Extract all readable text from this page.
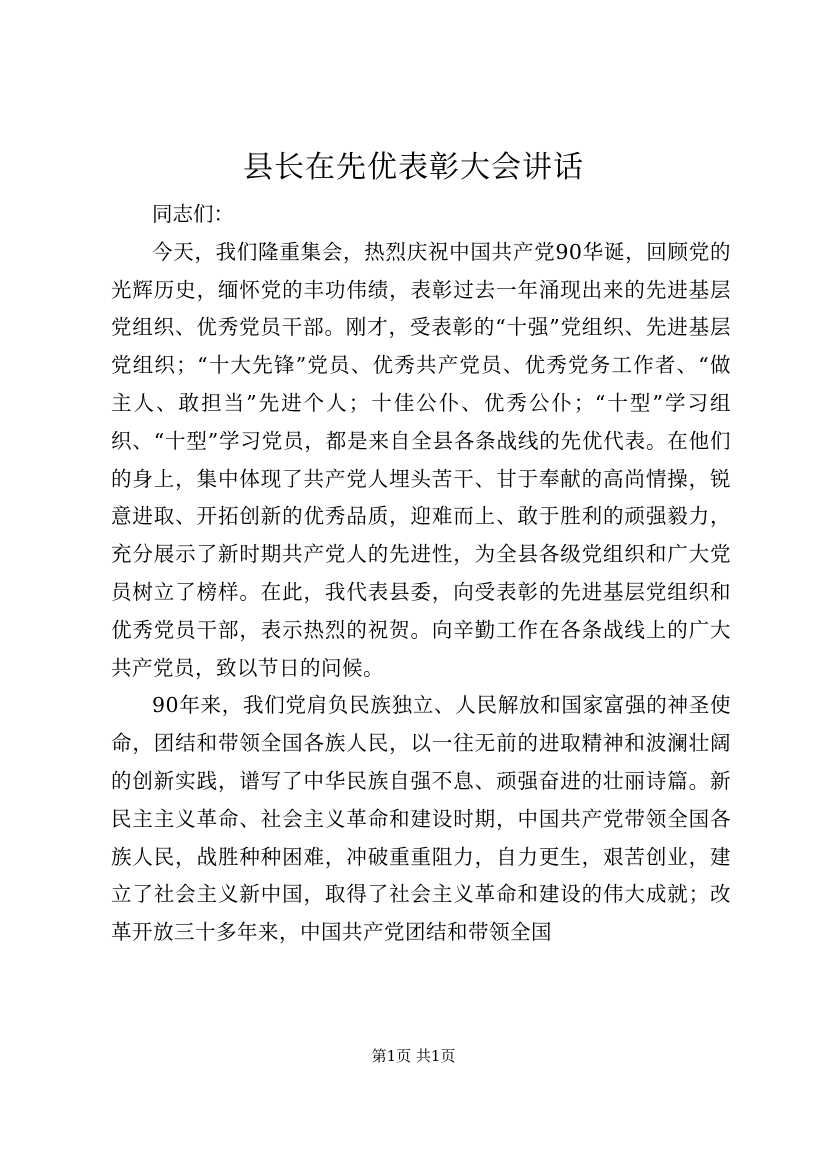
县长在先优表彰大会讲话

同志们：

今天，我们隆重集会，热烈庆祝中国共产党90华诞，回顾党的光辉历史，缅怀党的丰功伟绩，表彰过去一年涌现出来的先进基层党组织、优秀党员干部。刚才，受表彰的“十强”党组织、先进基层党组织；“十大先锋”党员、优秀共产党员、优秀党务工作者、“做主人、敢担当”先进个人；十佳公仆、优秀公仆；“十型”学习组织、“十型”学习党员，都是来自全县各条战线的先优代表。在他们的身上，集中体现了共产党人埋头苦干、甘于奉献的高尚情操，锐意进取、开拓创新的优秀品质，迎难而上、敢于胜利的顽强毅力，充分展示了新时期共产党人的先进性，为全县各级党组织和广大党员树立了榜样。在此，我代表县委，向受表彰的先进基层党组织和优秀党员干部，表示热烈的祝贺。向辛勤工作在各条战线上的广大共产党员，致以节日的问候。

90年来，我们党肩负民族独立、人民解放和国家富强的神圣使命，团结和带领全国各族人民，以一往无前的进取精神和波澜壮阔的创新实践，谱写了中华民族自强不息、顽强奋进的壮丽诗篇。新民主主义革命、社会主义革命和建设时期，中国共产党带领全国各族人民，战胜种种困难，冲破重重阻力，自力更生，艰苦创业，建立了社会主义新中国，取得了社会主义革命和建设的伟大成就；改革开放三十多年来，中国共产党团结和带领全国

第1页 共1页
